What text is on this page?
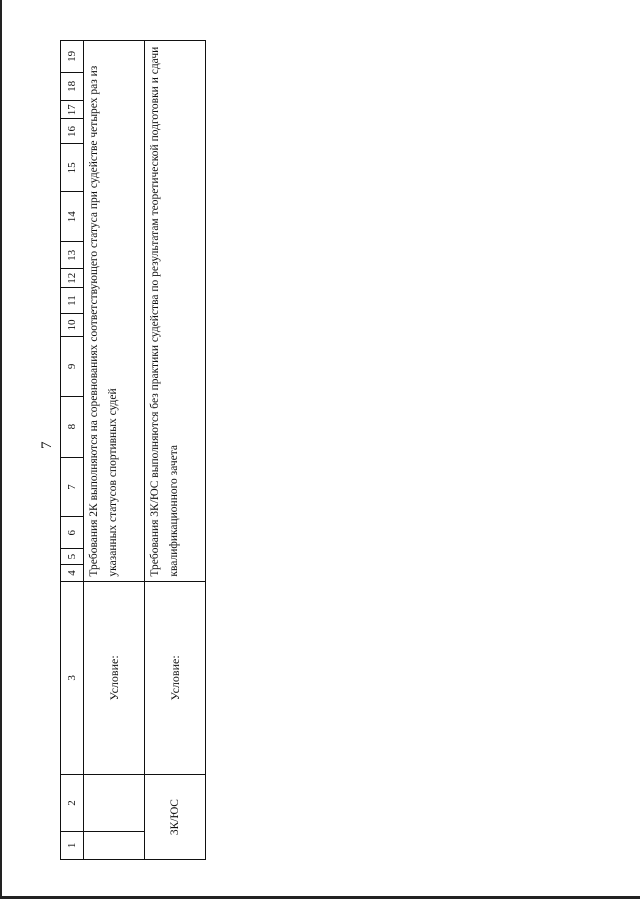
7
1	2	3	4	5	6	7	8	9	10	11	12	13	14	15	16	17	18	19
		Условие:	Требования 2К выполняются на соревнованиях соответствующего статуса при судействе четырех раз из указанных статусов спортивных судей															
3К/ЮС		Условие:	Требования 3К/ЮС выполняются без практики судейства по результатам теоретической подготовки и сдачи квалификационного зачета															
